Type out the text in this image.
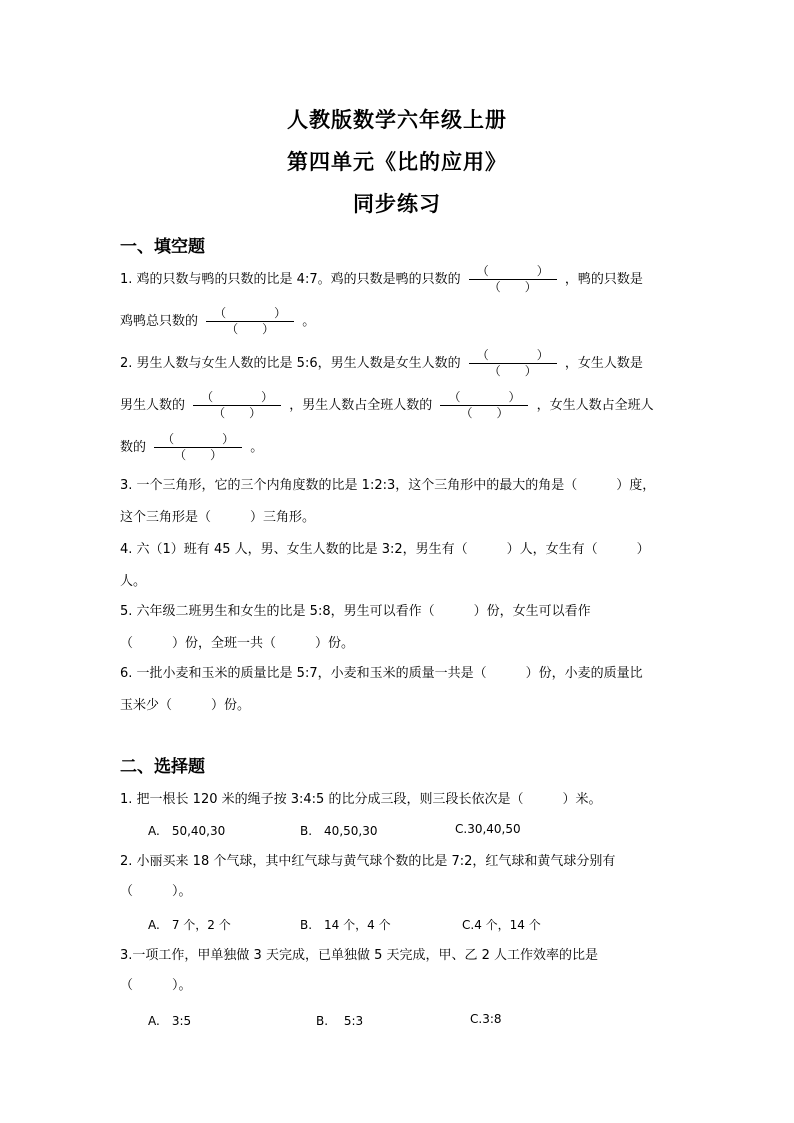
人教版数学六年级上册
第四单元《比的应用》
同步练习
一、填空题
1. 鸡的只数与鸭的只数的比是 4:7。鸡的只数是鸭的只数的 $\frac{( )}{( )}$ ，鸭的只数是
鸡鸭总只数的 $\frac{( )}{( )}$ 。
2. 男生人数与女生人数的比是 5:6，男生人数是女生人数的 $\frac{( )}{( )}$ ，女生人数是
男生人数的 $\frac{( )}{( )}$ ，男生人数占全班人数的 $\frac{( )}{( )}$ ，女生人数占全班人
数的 $\frac{( )}{( )}$ 。
3. 一个三角形，它的三个内角度数的比是 1:2:3，这个三角形中的最大的角是（　　　）度，
这个三角形是（　　　）三角形。
4. 六（1）班有 45 人，男、女生人数的比是 3:2，男生有（　　　）人，女生有（　　　）
人。
5. 六年级二班男生和女生的比是 5:8，男生可以看作（　　　）份，女生可以看作
（　　　）份，全班一共（　　　）份。
6. 一批小麦和玉米的质量比是 5:7，小麦和玉米的质量一共是（　　　）份，小麦的质量比
玉米少（　　　）份。
二、选择题
1. 把一根长 120 米的绳子按 3:4:5 的比分成三段，则三段长依次是（　　　）米。
A.　50,40,30	B.　40,50,30	C.30,40,50
2. 小丽买来 18 个气球，其中红气球与黄气球个数的比是 7:2，红气球和黄气球分别有
（　　　）。
A.　7 个，2 个	B.　14 个，4 个	C.4 个，14 个
3.一项工作，甲单独做 3 天完成，已单独做 5 天完成，甲、乙 2 人工作效率的比是
（　　　）。
A.　3:5	B.　 5:3	C.3:8
